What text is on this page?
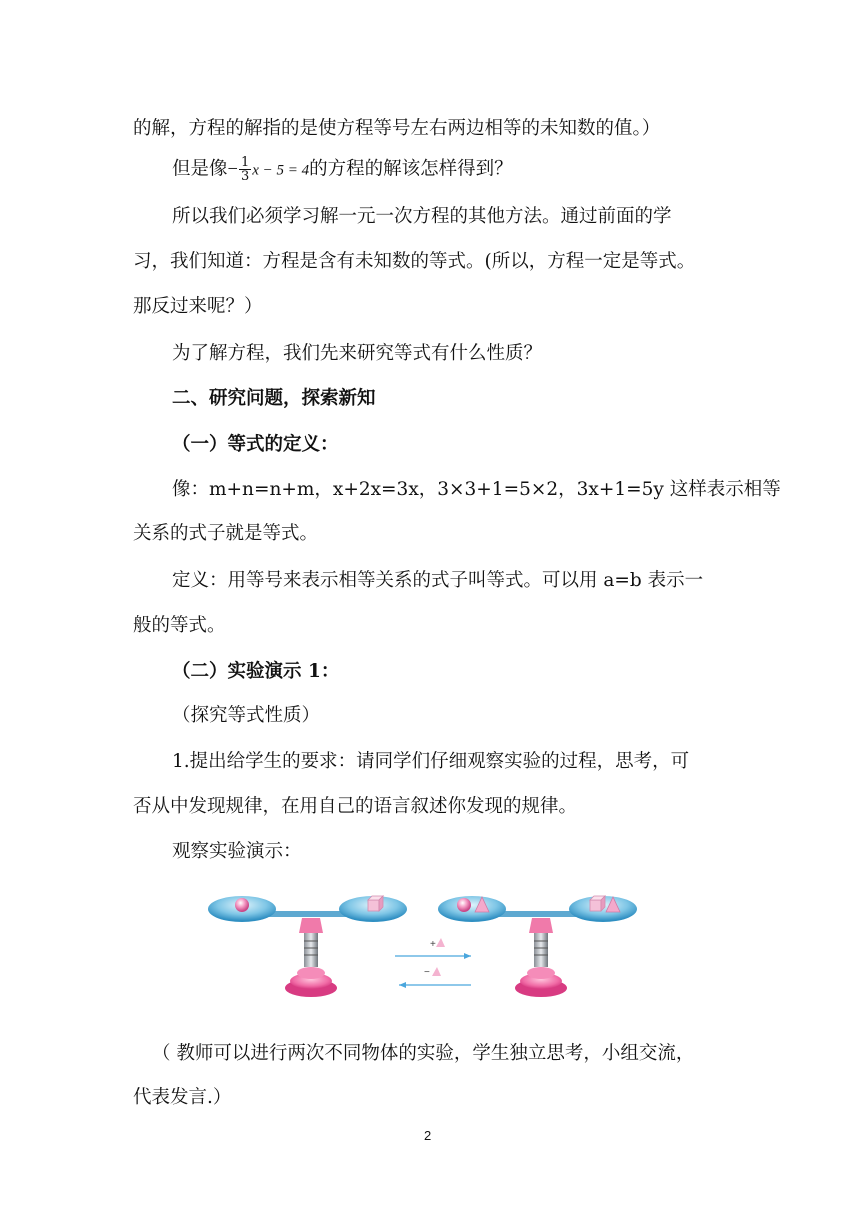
的解，方程的解指的是使方程等号左右两边相等的未知数的值。）
但是像− $\frac{1}{3}$ x − 5 = 4的方程的解该怎样得到？
所以我们必须学习解一元一次方程的其他方法。通过前面的学
习，我们知道：方程是含有未知数的等式。(所以，方程一定是等式。
那反过来呢？）
为了解方程，我们先来研究等式有什么性质？
二、研究问题，探索新知
（一）等式的定义：
像：m+n=n+m，x+2x=3x，3×3+1=5×2，3x+1=5y 这样表示相等
关系的式子就是等式。
定义：用等号来表示相等关系的式子叫等式。可以用 a=b 表示一
般的等式。
（二）实验演示 1：
（探究等式性质）
1.提出给学生的要求：请同学们仔细观察实验的过程，思考，可
否从中发现规律，在用自己的语言叙述你发现的规律。
观察实验演示：
+
−
（ 教师可以进行两次不同物体的实验，学生独立思考，小组交流，
代表发言.）
2
